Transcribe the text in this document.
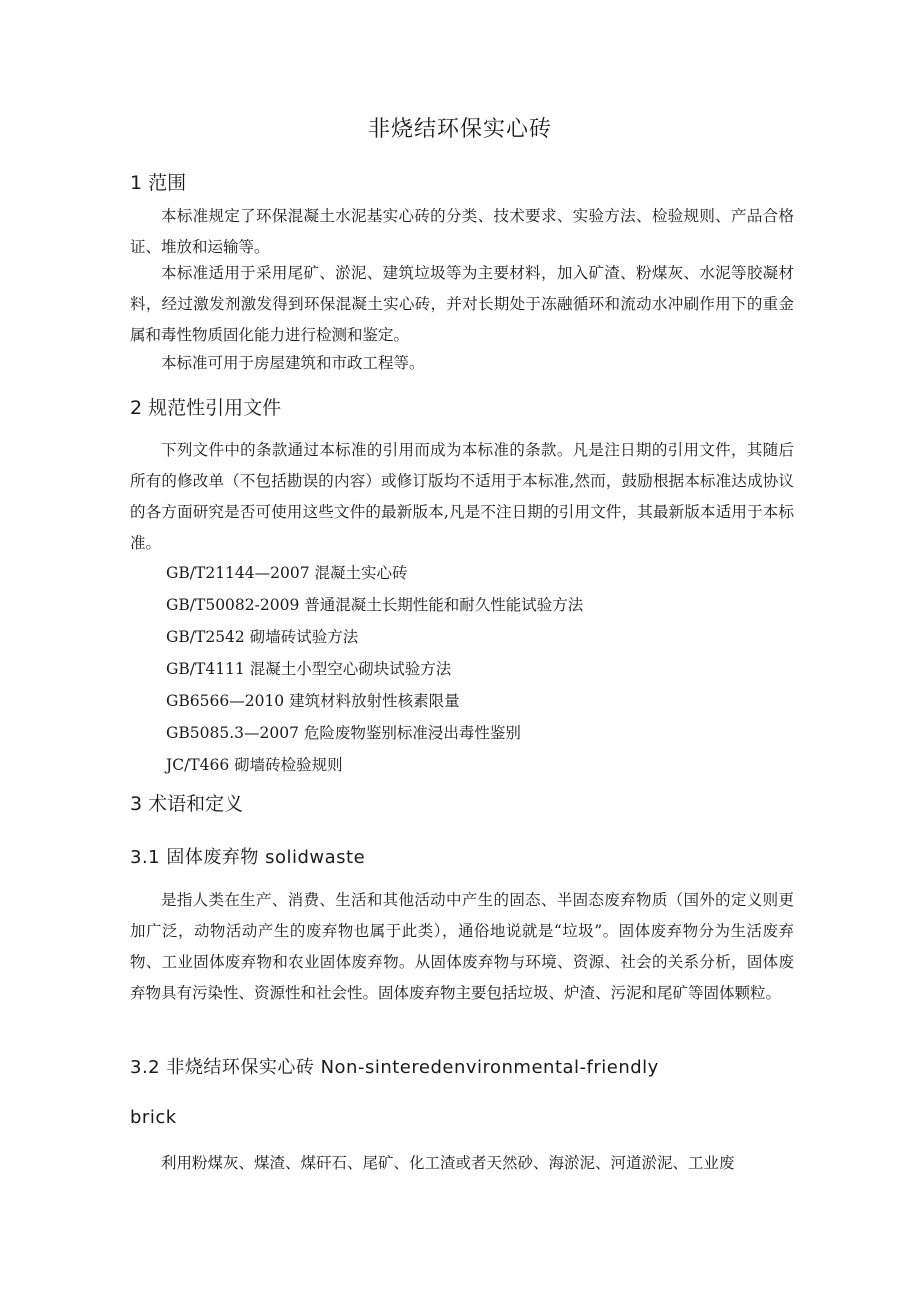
非烧结环保实心砖
1 范围
本标准规定了环保混凝土水泥基实心砖的分类、技术要求、实验方法、检验规则、产品合格证、堆放和运输等。
本标准适用于采用尾矿、淤泥、建筑垃圾等为主要材料，加入矿渣、粉煤灰、水泥等胶凝材料，经过激发剂激发得到环保混凝土实心砖，并对长期处于冻融循环和流动水冲刷作用下的重金属和毒性物质固化能力进行检测和鉴定。
本标准可用于房屋建筑和市政工程等。
2 规范性引用文件
下列文件中的条款通过本标准的引用而成为本标准的条款。凡是注日期的引用文件，其随后所有的修改单（不包括勘误的内容）或修订版均不适用于本标准,然而，鼓励根据本标准达成协议的各方面研究是否可使用这些文件的最新版本,凡是不注日期的引用文件，其最新版本适用于本标准。
GB/T21144—2007 混凝土实心砖
GB/T50082-2009 普通混凝土长期性能和耐久性能试验方法
GB/T2542 砌墙砖试验方法
GB/T4111 混凝土小型空心砌块试验方法
GB6566—2010 建筑材料放射性核素限量
GB5085.3—2007 危险废物鉴别标准浸出毒性鉴别
JC/T466 砌墙砖检验规则
3 术语和定义
3.1 固体废弃物 solidwaste
是指人类在生产、消费、生活和其他活动中产生的固态、半固态废弃物质（国外的定义则更加广泛，动物活动产生的废弃物也属于此类），通俗地说就是“垃圾”。固体废弃物分为生活废弃物、工业固体废弃物和农业固体废弃物。从固体废弃物与环境、资源、社会的关系分析，固体废弃物具有污染性、资源性和社会性。固体废弃物主要包括垃圾、炉渣、污泥和尾矿等固体颗粒。
3.2 非烧结环保实心砖 Non-sinteredenvironmental-friendly
brick
利用粉煤灰、煤渣、煤矸石、尾矿、化工渣或者天然砂、海淤泥、河道淤泥、工业废
